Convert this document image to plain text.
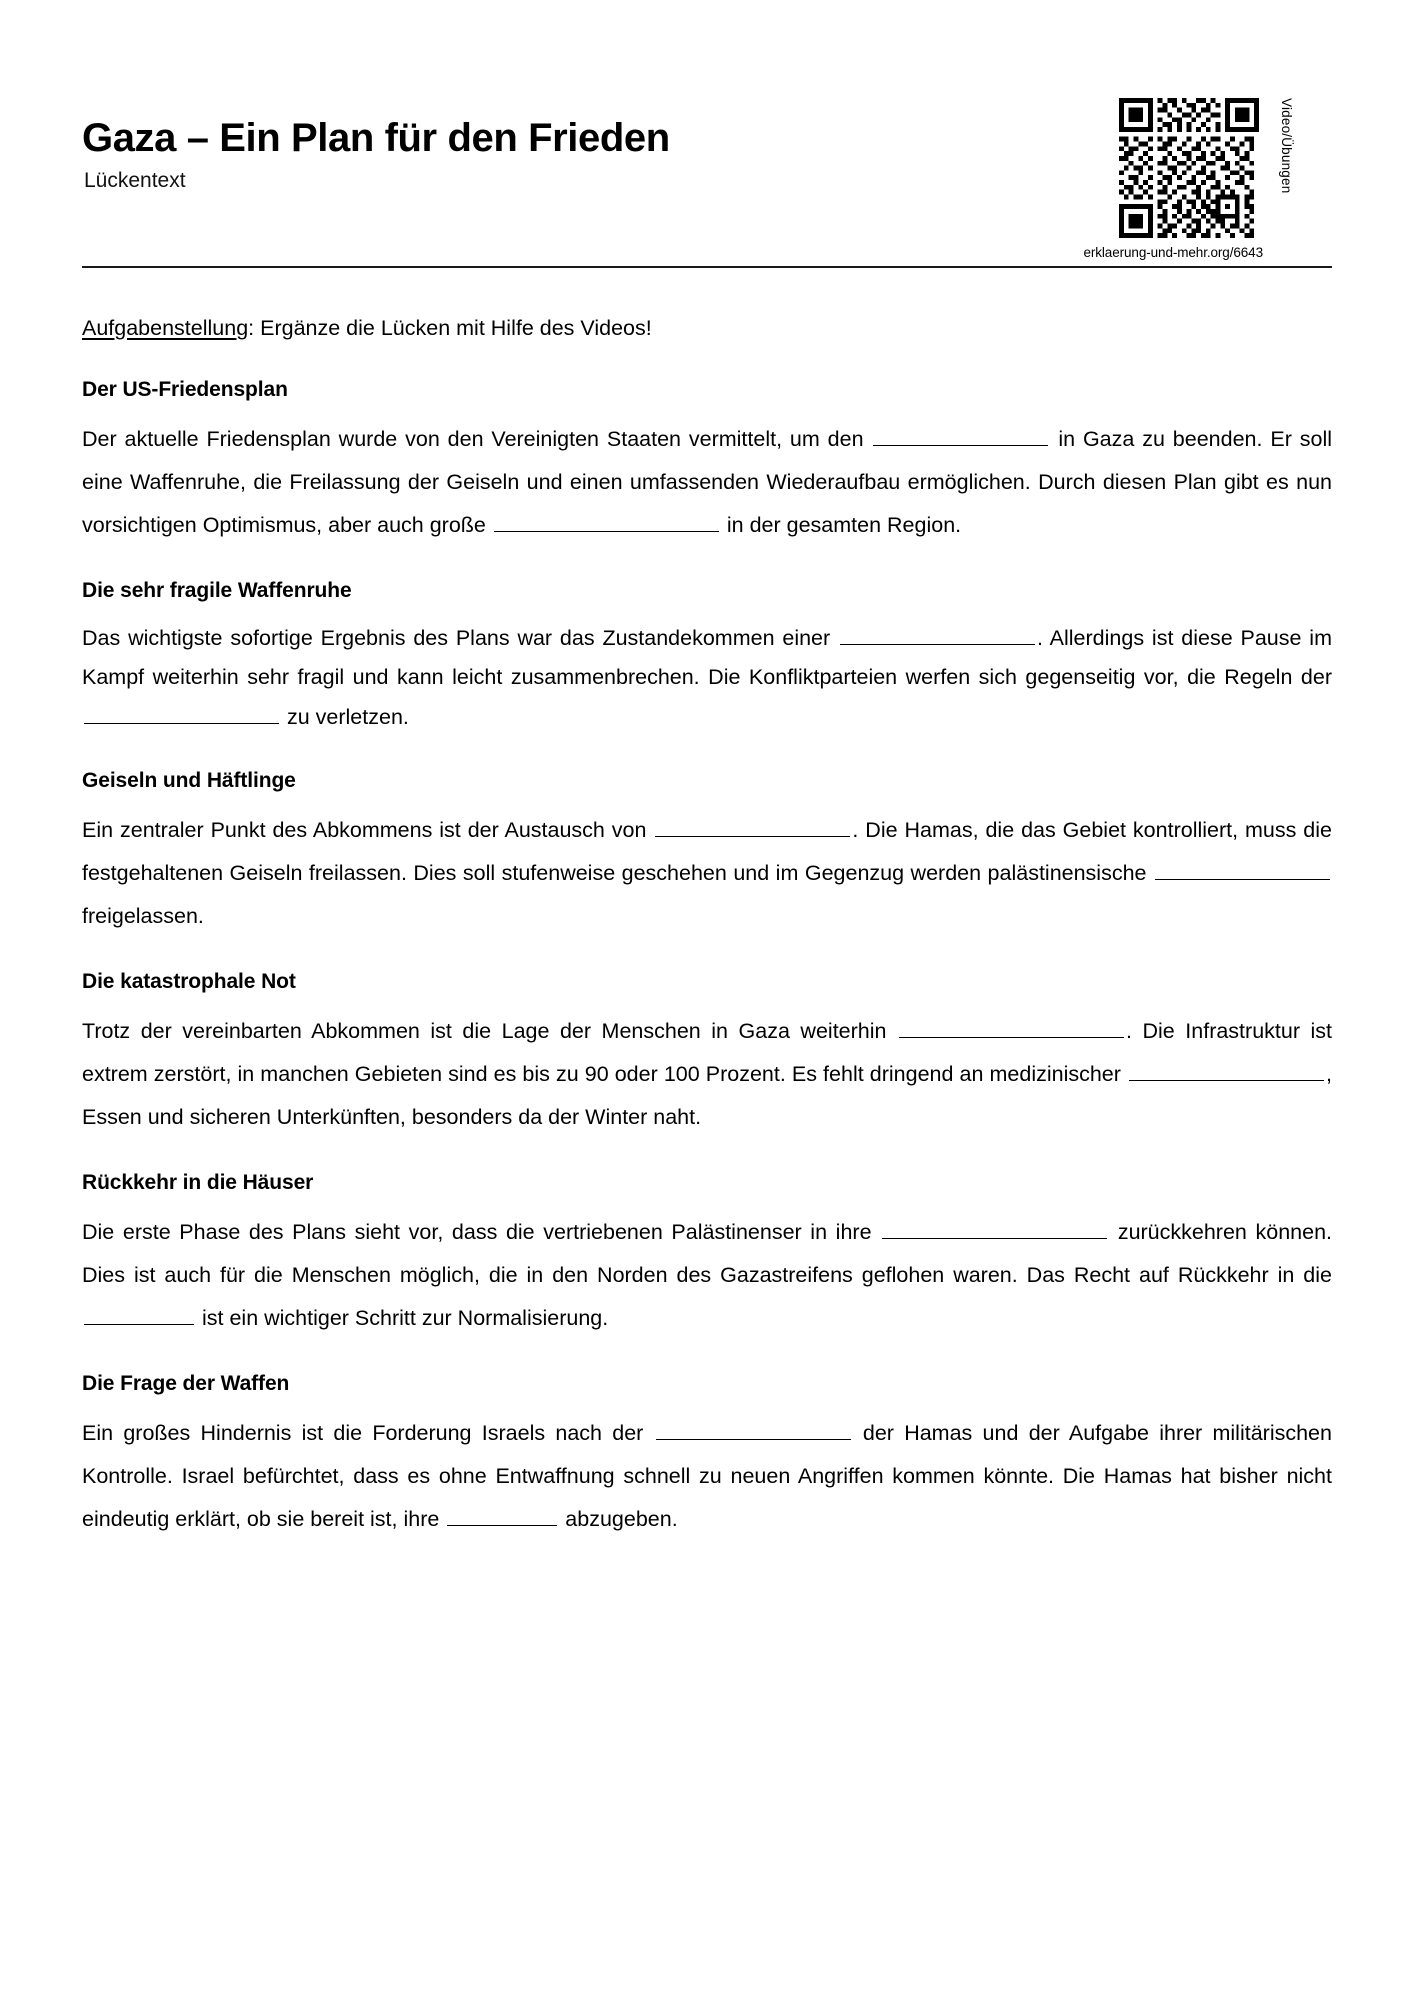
Gaza – Ein Plan für den Frieden
Lückentext	Video/Übungen
erklaerung-und-mehr.org/6643

Aufgabenstellung: Ergänze die Lücken mit Hilfe des Videos!

Der US-Friedensplan

Der aktuelle Friedensplan wurde von den Vereinigten Staaten vermittelt, um den	in Gaza zu beenden. Er soll eine Waffenruhe, die Freilassung der Geiseln und einen umfassenden Wiederaufbau ermöglichen. Durch diesen Plan gibt es nun vorsichtigen Optimismus, aber auch große	in der gesamten Region.

Die sehr fragile Waffenruhe

Das wichtigste sofortige Ergebnis des Plans war das Zustandekommen einer	. Allerdings ist diese Pause im Kampf weiterhin sehr fragil und kann leicht zusammenbrechen. Die Konfliktparteien werfen sich gegenseitig vor, die Regeln der  zu verletzen.

Geiseln und Häftlinge

Ein zentraler Punkt des Abkommens ist der Austausch von	. Die Hamas, die das Gebiet kontrolliert, muss die festgehaltenen Geiseln freilassen. Dies soll stufenweise geschehen und im Gegenzug werden palästinensische  freigelassen.

Die katastrophale Not

Trotz der vereinbarten Abkommen ist die Lage der Menschen in Gaza weiterhin	. Die Infrastruktur ist extrem zerstört, in manchen Gebieten sind es bis zu 90 oder 100 Prozent. Es fehlt dringend an medizinischer	, Essen und sicheren Unterkünften, besonders da der Winter naht.

Rückkehr in die Häuser

Die erste Phase des Plans sieht vor, dass die vertriebenen Palästinenser in ihre	zurückkehren können. Dies ist auch für die Menschen möglich, die in den Norden des Gazastreifens geflohen waren. Das Recht auf Rückkehr in die  ist ein wichtiger Schritt zur Normalisierung.

Die Frage der Waffen

Ein großes Hindernis ist die Forderung Israels nach der	der Hamas und der Aufgabe ihrer militärischen Kontrolle. Israel befürchtet, dass es ohne Entwaffnung schnell zu neuen Angriffen kommen könnte. Die Hamas hat bisher nicht eindeutig erklärt, ob sie bereit ist, ihre	abzugeben.
